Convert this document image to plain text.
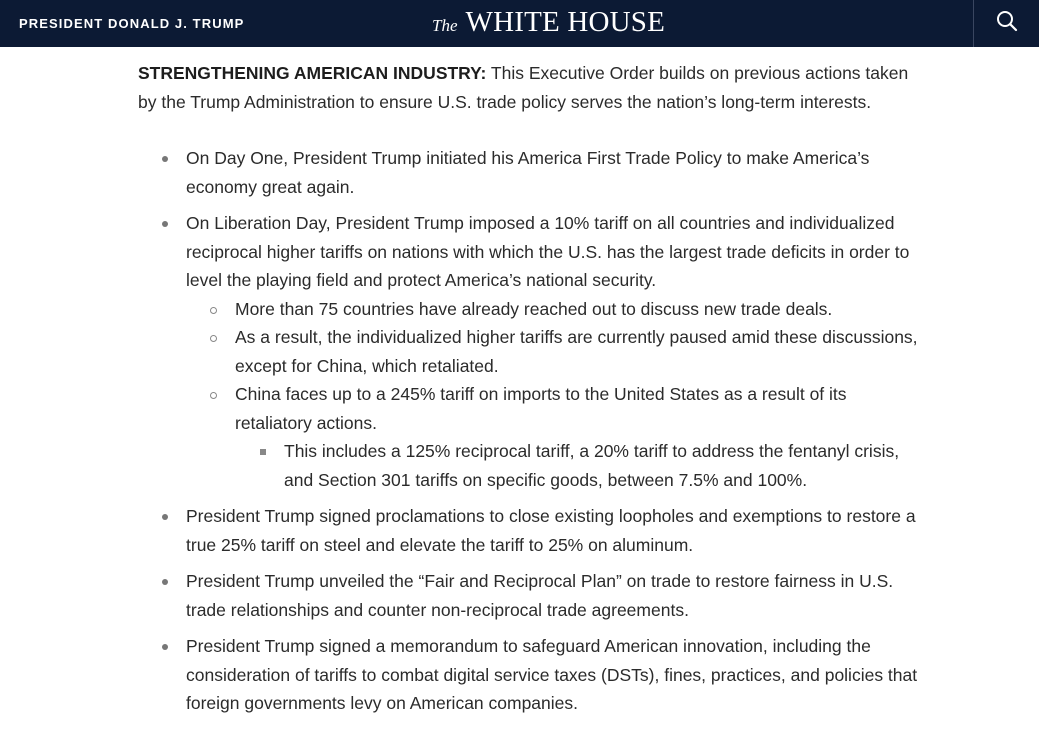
PRESIDENT DONALD J. TRUMP	The WHITE HOUSE

STRENGTHENING AMERICAN INDUSTRY: This Executive Order builds on previous actions taken by the Trump Administration to ensure U.S. trade policy serves the nation’s long-term interests.

On Day One, President Trump initiated his America First Trade Policy to make America’s economy great again.
On Liberation Day, President Trump imposed a 10% tariff on all countries and individualized reciprocal higher tariffs on nations with which the U.S. has the largest trade deficits in order to level the playing field and protect America’s national security.
More than 75 countries have already reached out to discuss new trade deals.
As a result, the individualized higher tariffs are currently paused amid these discussions, except for China, which retaliated.
China faces up to a 245% tariff on imports to the United States as a result of its retaliatory actions.
This includes a 125% reciprocal tariff, a 20% tariff to address the fentanyl crisis, and Section 301 tariffs on specific goods, between 7.5% and 100%.
President Trump signed proclamations to close existing loopholes and exemptions to restore a true 25% tariff on steel and elevate the tariff to 25% on aluminum.
President Trump unveiled the “Fair and Reciprocal Plan” on trade to restore fairness in U.S. trade relationships and counter non-reciprocal trade agreements.
President Trump signed a memorandum to safeguard American innovation, including the consideration of tariffs to combat digital service taxes (DSTs), fines, practices, and policies that foreign governments levy on American companies.
